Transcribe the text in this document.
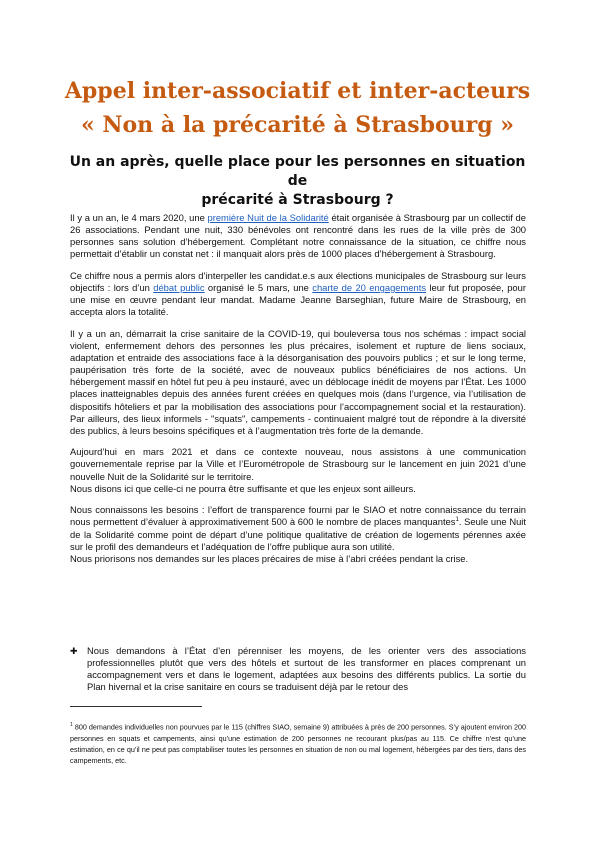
Appel inter-associatif et inter-acteurs
« Non à la précarité à Strasbourg »
Un an après, quelle place pour les personnes en situation de
précarité à Strasbourg ?

Il y a un an, le 4 mars 2020, une première Nuit de la Solidarité était organisée à Strasbourg par un collectif de 26 associations. Pendant une nuit, 330 bénévoles ont rencontré dans les rues de la ville près de 300 personnes sans solution d’hébergement. Complétant notre connaissance de la situation, ce chiffre nous permettait d’établir un constat net : il manquait alors près de 1000 places d’hébergement à Strasbourg.

Ce chiffre nous a permis alors d’interpeller les candidat.e.s aux élections municipales de Strasbourg sur leurs objectifs : lors d’un débat public organisé le 5 mars, une charte de 20 engagements leur fut proposée, pour une mise en œuvre pendant leur mandat. Madame Jeanne Barseghian, future Maire de Strasbourg, en accepta alors la totalité.

Il y a un an, démarrait la crise sanitaire de la COVID-19, qui bouleversa tous nos schémas : impact social violent, enfermement dehors des personnes les plus précaires, isolement et rupture de liens sociaux, adaptation et entraide des associations face à la désorganisation des pouvoirs publics ; et sur le long terme, paupérisation très forte de la société, avec de nouveaux publics bénéficiaires de nos actions. Un hébergement massif en hôtel fut peu à peu instauré, avec un déblocage inédit de moyens par l’État. Les 1000 places inatteignables depuis des années furent créées en quelques mois (dans l’urgence, via l’utilisation de dispositifs hôteliers et par la mobilisation des associations pour l’accompagnement social et la restauration). Par ailleurs, des lieux informels - "squats", campements - continuaient malgré tout de répondre à la diversité des publics, à leurs besoins spécifiques et à l’augmentation très forte de la demande.

Aujourd’hui en mars 2021 et dans ce contexte nouveau, nous assistons à une communication gouvernementale reprise par la Ville et l’Eurométropole de Strasbourg sur le lancement en juin 2021 d’une nouvelle Nuit de la Solidarité sur le territoire.

Nous disons ici que celle-ci ne pourra être suffisante et que les enjeux sont ailleurs.

Nous connaissons les besoins : l’effort de transparence fourni par le SIAO et notre connaissance du terrain nous permettent d’évaluer à approximativement 500 à 600 le nombre de places manquantes$^1$. Seule une Nuit de la Solidarité comme point de départ d’une politique qualitative de création de logements pérennes axée sur le profil des demandeurs et l’adéquation de l’offre publique aura son utilité.

Nous priorisons nos demandes sur les places précaires de mise à l’abri créées pendant la crise.

✚ Nous demandons à l’État d’en pérenniser les moyens, de les orienter vers des associations professionnelles plutôt que vers des hôtels et surtout de les transformer en places comprenant un accompagnement vers et dans le logement, adaptées aux besoins des différents publics. La sortie du Plan hivernal et la crise sanitaire en cours se traduisent déjà par le retour des
$^1$ 800 demandes individuelles non pourvues par le 115 (chiffres SIAO, semaine 9) attribuées à près de 200 personnes. S’y ajoutent environ 200 personnes en squats et campements, ainsi qu’une estimation de 200 personnes ne recourant plus/pas au 115. Ce chiffre n’est qu’une estimation, en ce qu’il ne peut pas comptabiliser toutes les personnes en situation de non ou mal logement, hébergées par des tiers, dans des campements, etc.
